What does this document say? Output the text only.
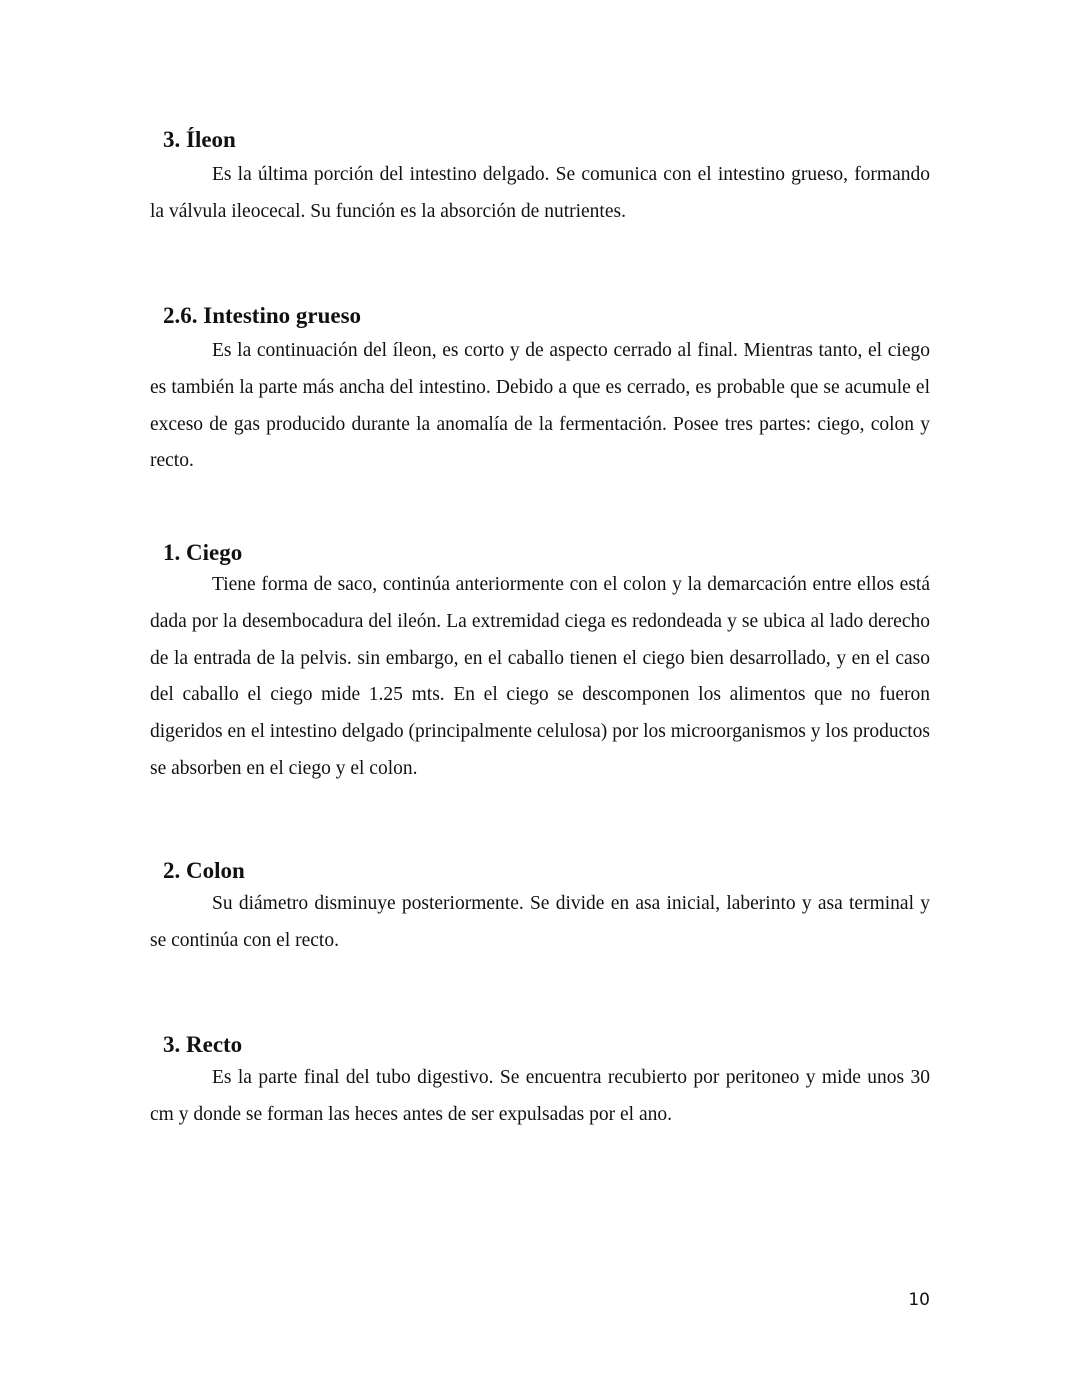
3. Íleon

Es la última porción del intestino delgado. Se comunica con el intestino grueso, formando la válvula ileocecal. Su función es la absorción de nutrientes.

2.6. Intestino grueso

Es la continuación del íleon, es corto y de aspecto cerrado al final. Mientras tanto, el ciego es también la parte más ancha del intestino. Debido a que es cerrado, es probable que se acumule el exceso de gas producido durante la anomalía de la fermentación. Posee tres partes: ciego, colon y recto.

1. Ciego

Tiene forma de saco, continúa anteriormente con el colon y la demarcación entre ellos está dada por la desembocadura del ileón. La extremidad ciega es redondeada y se ubica al lado derecho de la entrada de la pelvis. sin embargo, en el caballo tienen el ciego bien desarrollado, y en el caso del caballo el ciego mide 1.25 mts. En el ciego se descomponen los alimentos que no fueron digeridos en el intestino delgado (principalmente celulosa) por los microorganismos y los productos se absorben en el ciego y el colon.

2. Colon

Su diámetro disminuye posteriormente. Se divide en asa inicial, laberinto y asa terminal y se continúa con el recto.

3. Recto

Es la parte final del tubo digestivo. Se encuentra recubierto por peritoneo y mide unos 30 cm y donde se forman las heces antes de ser expulsadas por el ano.

10
